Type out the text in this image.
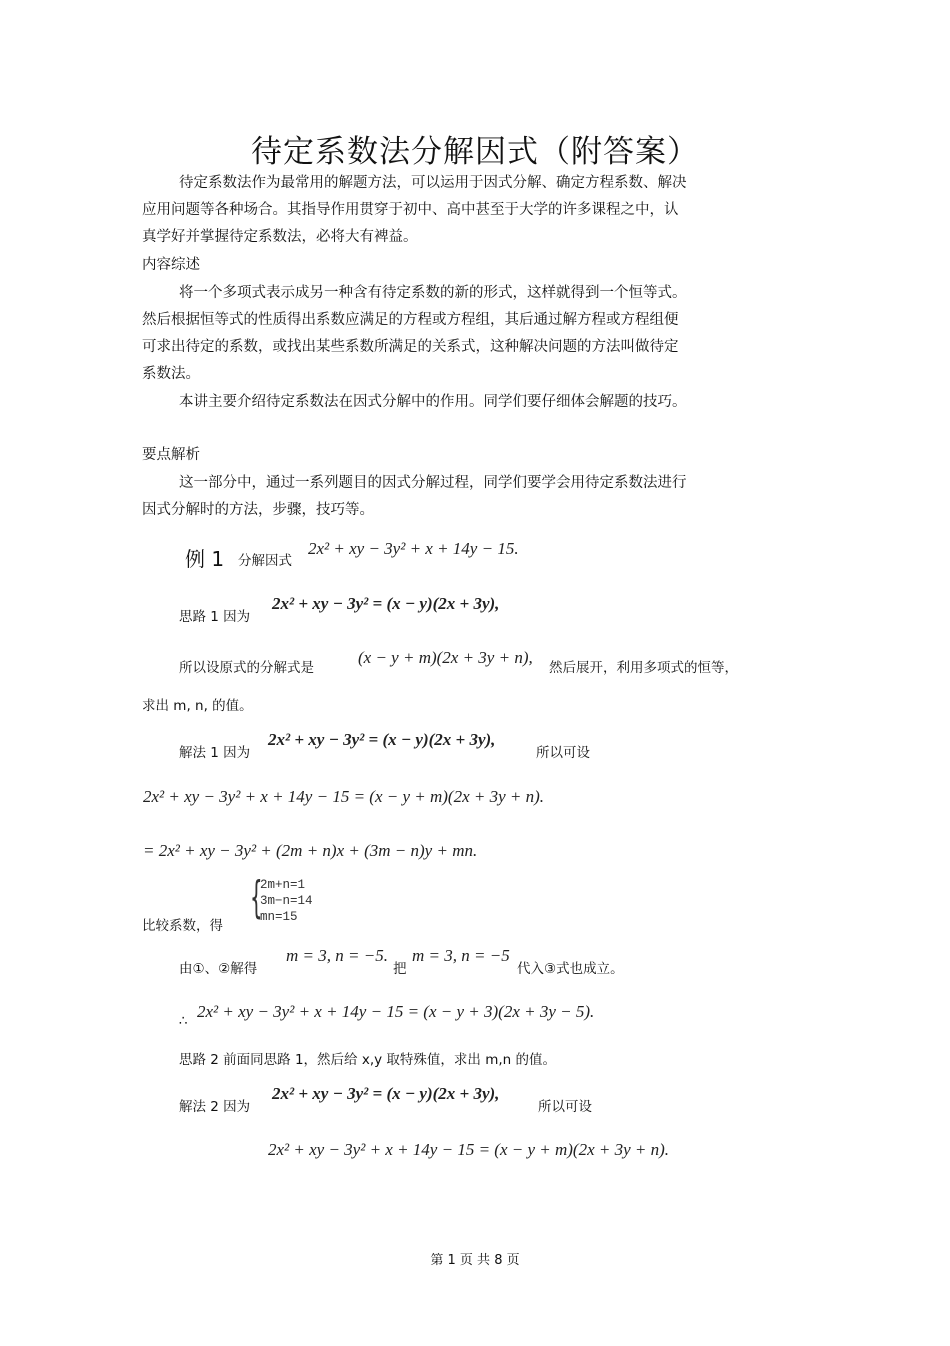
待定系数法分解因式（附答案）
待定系数法作为最常用的解题方法，可以运用于因式分解、确定方程系数、解决
应用问题等各种场合。其指导作用贯穿于初中、高中甚至于大学的许多课程之中，认
真学好并掌握待定系数法，必将大有裨益。
内容综述
将一个多项式表示成另一种含有待定系数的新的形式，这样就得到一个恒等式。
然后根据恒等式的性质得出系数应满足的方程或方程组，其后通过解方程或方程组便
可求出待定的系数，或找出某些系数所满足的关系式，这种解决问题的方法叫做待定
系数法。
本讲主要介绍待定系数法在因式分解中的作用。同学们要仔细体会解题的技巧。
要点解析
这一部分中，通过一系列题目的因式分解过程，同学们要学会用待定系数法进行
因式分解时的方法，步骤，技巧等。
例 1 分解因式
2x² + xy − 3y² + x + 14y − 15.
思路 1 因为
2x² + xy − 3y² = (x − y)(2x + 3y),
所以设原式的分解式是
(x − y + m)(2x + 3y + n),
然后展开，利用多项式的恒等，
求出 m, n, 的值。
解法 1 因为
2x² + xy − 3y² = (x − y)(2x + 3y),
所以可设
2x² + xy − 3y² + x + 14y − 15 = (x − y + m)(2x + 3y + n).
= 2x² + xy − 3y² + (2m + n)x + (3m − n)y + mn.
比较系数，得
{
2m+n=1
3m−n=14
mn=15
由①、②解得
m = 3, n = −5.
把
m = 3, n = −5
代入③式也成立。
∴ 2x² + xy − 3y² + x + 14y − 15 = (x − y + 3)(2x + 3y − 5).
思路 2 前面同思路 1，然后给 x,y 取特殊值，求出 m,n 的值。
解法 2 因为
2x² + xy − 3y² = (x − y)(2x + 3y),
所以可设
2x² + xy − 3y² + x + 14y − 15 = (x − y + m)(2x + 3y + n).
第 1 页 共 8 页
